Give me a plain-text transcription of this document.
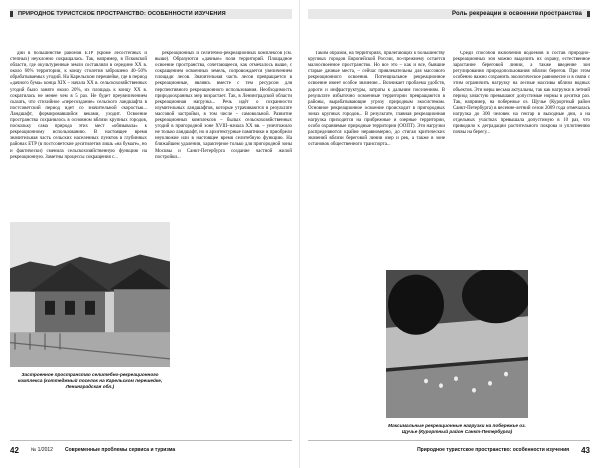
ПРИРОДНОЕ ТУРИСТСКОЕ ПРОСТРАНСТВО: ОСОБЕННОСТИ ИЗУЧЕНИЯ

дий в большинстве районов ЕТР (кроме лесостепных и степных) неуклонно сокращалась. Так, например, в Псковской области, где окультуренные земли составляли в середине XX в. около 60% территории, к концу столетия заброшено 40–50% обрабатываемых угодий. На Карельском перешейке, где в период «дачного бума» конца XIX – начала XX в. сельскохозяйственных угодий было занято около 20%, их площадь к концу XX в. сократилась не менее чем в 5 раз. Не будет преувеличением сказать, что стихийное «пересоздание» сельского ландшафта в постсоветский период идет со значительной скоростью... Ландшафт, формировавшийся веками, уходит. Освоение пространства сохранялось в основном вблизи крупных городов, поскольку сама природа этих мест «обязывала» к рекреационному использованию. В настоящее время значительная часть сельских населенных пунктов в глубинных районах ЕТР (в постсоветские десятилетия лишь «на бумаге», но и фактически) сменила сельскохозяйственную функцию на рекреационную. Заметны процессы сокращения с...

рекреационных и селитебно-рекреационных комплексов (см. выше). Образуются «дачные» поля территорий. Площадное освоение пространства, сочетающееся, как отмечалось выше, с сокращением освоенных земель, сопровождается увеличением площади лесов. Значительная часть лесов превращается в рекреационные, являясь вместе с тем ресурсом для перспективного рекреационного использования. Необходимость природоохранных мер возрастает. Так, в Ленинградской области рекреационная нагрузка... Речь идёт о сохранности изумительных ландшафтов, которые утрачиваются в результате массовой застройки, в том числе – самовольной. Развитие рекреационных комплексов – былых сельскохозяйственных угодий в пригородной зоне XVIII–начала XX вв. – уничтожило не только ландшафт, но и архитектурные памятники и приобрели неуклюжие или в настоящее время селитебную функцию. На ближайшем удалении, характерное только для пригородной зоны Москвы и Санкт-Петербурга создание частной жилой постройки...

Застроенное пространство селитебно-рекреационного комплекса (коттеджный поселок на Карельском перешейке, Ленинградская обл.)
42 № 1/2012 Современные проблемы сервиса и туризма
Роль рекреации в освоении пространства

Таким образом, на территориях, прилегающих к большинству крупных городов Европейской России, по-прежнему остается малоосвоенное пространство. Но все это – как и все, бывшие старые дачные места, – сейчас привлекательны для массового рекреационного освоения. Потенциальное рекреационное освоение имеет особое значение... Возникает проблема удобств, дороги и инфраструктуры, затраты к дальним поселениям. В результате избыточно освоенные территории превращаются в районы, вырабатывающие угрозу природным экосистемам. Основное рекреационное освоение происходит в пригородных зонах крупных городов... В результате, главная рекреационная нагрузка приходится на прибрежные и озерные территории, особо охраняемые природные территории (ООПТ). Эти нагрузки распределяются крайне неравномерно, до стигая критических значений вблизи береговой линии озер и рек, а также в зоне остановок общественного транспорта...

Среди способов включения водоемов в состав природно-рекреационных зон можно выделить их охрану, естественное зарастание береговой линии, а также введение зон регулирования природопользования вблизи берегов. При этом особенно важно сохранить экологическое равновесие и в связи с этим ограничить нагрузку на лесные массивы вблизи водных объектов. Эти меры весьма актуальны, так как нагрузки в летний период зачастую превышают допустимые нормы в десятки раз. Так, например, на побережье оз. Щучье (Курортный район Санкт-Петербурга) в весенне-летний сезон 2009 года отмечалась нагрузка до 300 человек на гектар в выходные дни, а на отдельных участках превышала допустимую в 10 раз, что приводило к деградации растительного покрова и уплотнению почвы на берегу...

Максимальные рекреационные нагрузки на побережье оз. Щучье (Курортный район Санкт-Петербурга)
Природное туристское пространство: особенности изучения 43
